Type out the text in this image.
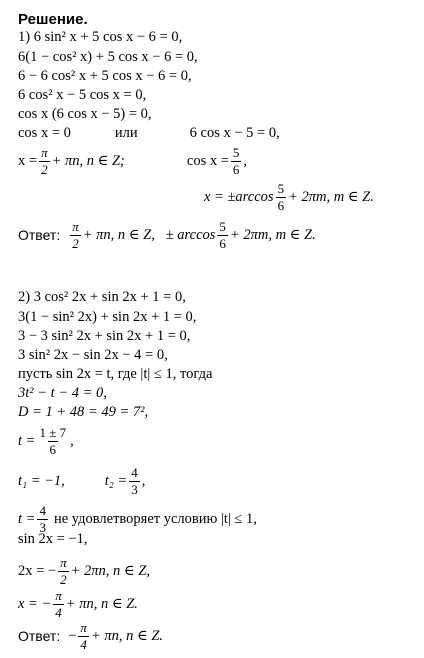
Решение.
1) 6 sin² x + 5 cos x − 6 = 0,
6(1 − cos² x) + 5 cos x − 6 = 0,
6 − 6 cos² x + 5 cos x − 6 = 0,
6 cos² x − 5 cos x = 0,
cos x (6 cos x − 5) = 0,
cos x = 0	или	6 cos x − 5 = 0,
$x = \frac{\pi}{2} + \pi n$, n ∈ Z;	$\cos x = \frac{5}{6}$ ,
$x = \pm\arccos \frac{5}{6} + 2\pi m$, m ∈ Z.
Ответ: $\frac{\pi}{2} + \pi n$, n ∈ Z,   ± $\arccos \frac{5}{6} + 2\pi m$, m ∈ Z.
2) 3 cos² 2x + sin 2x + 1 = 0,
3(1 − sin² 2x) + sin 2x + 1 = 0,
3 − 3 sin² 2x + sin 2x + 1 = 0,
3 sin² 2x − sin 2x − 4 = 0,
пусть sin 2x = t, где |t| ≤ 1, тогда
3t² − t − 4 = 0,
D = 1 + 48 = 49 = 7²,
$t = \frac{1 \pm 7}{6}$ ,
t₁ = −1,	$t_2 = \frac{4}{3}$ ,
$t = \frac{4}{3}$ не удовлетворяет условию |t| ≤ 1,
sin 2x = −1,
2x = − $\frac{\pi}{2} + 2\pi n$, n ∈ Z,
x = − $\frac{\pi}{4} + \pi n$, n ∈ Z.
Ответ: − $\frac{\pi}{4} + \pi n$, n ∈ Z.
